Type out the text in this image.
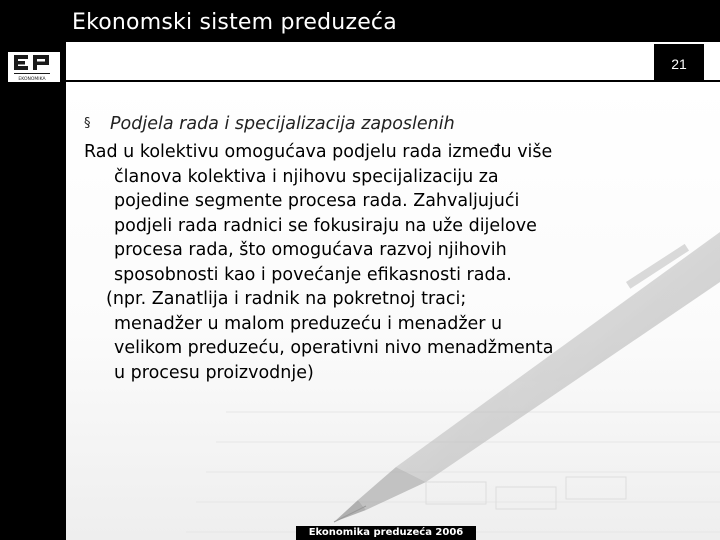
Ekonomski sistem preduzeća
EKONOMIKA
21
§ Podjela rada i specijalizacija zaposlenih
Rad u kolektivu omogućava podjelu rada između više
članova kolektiva i njihovu specijalizaciju za
pojedine segmente procesa rada. Zahvaljujući
podjeli rada radnici se fokusiraju na uže dijelove
procesa rada, što omogućava razvoj njihovih
sposobnosti kao i povećanje efikasnosti rada.
(npr. Zanatlija i radnik na pokretnoj traci;
menadžer u malom preduzeću i menadžer u
velikom preduzeću, operativni nivo menadžmenta
u procesu proizvodnje)
Ekonomika preduzeća 2006
